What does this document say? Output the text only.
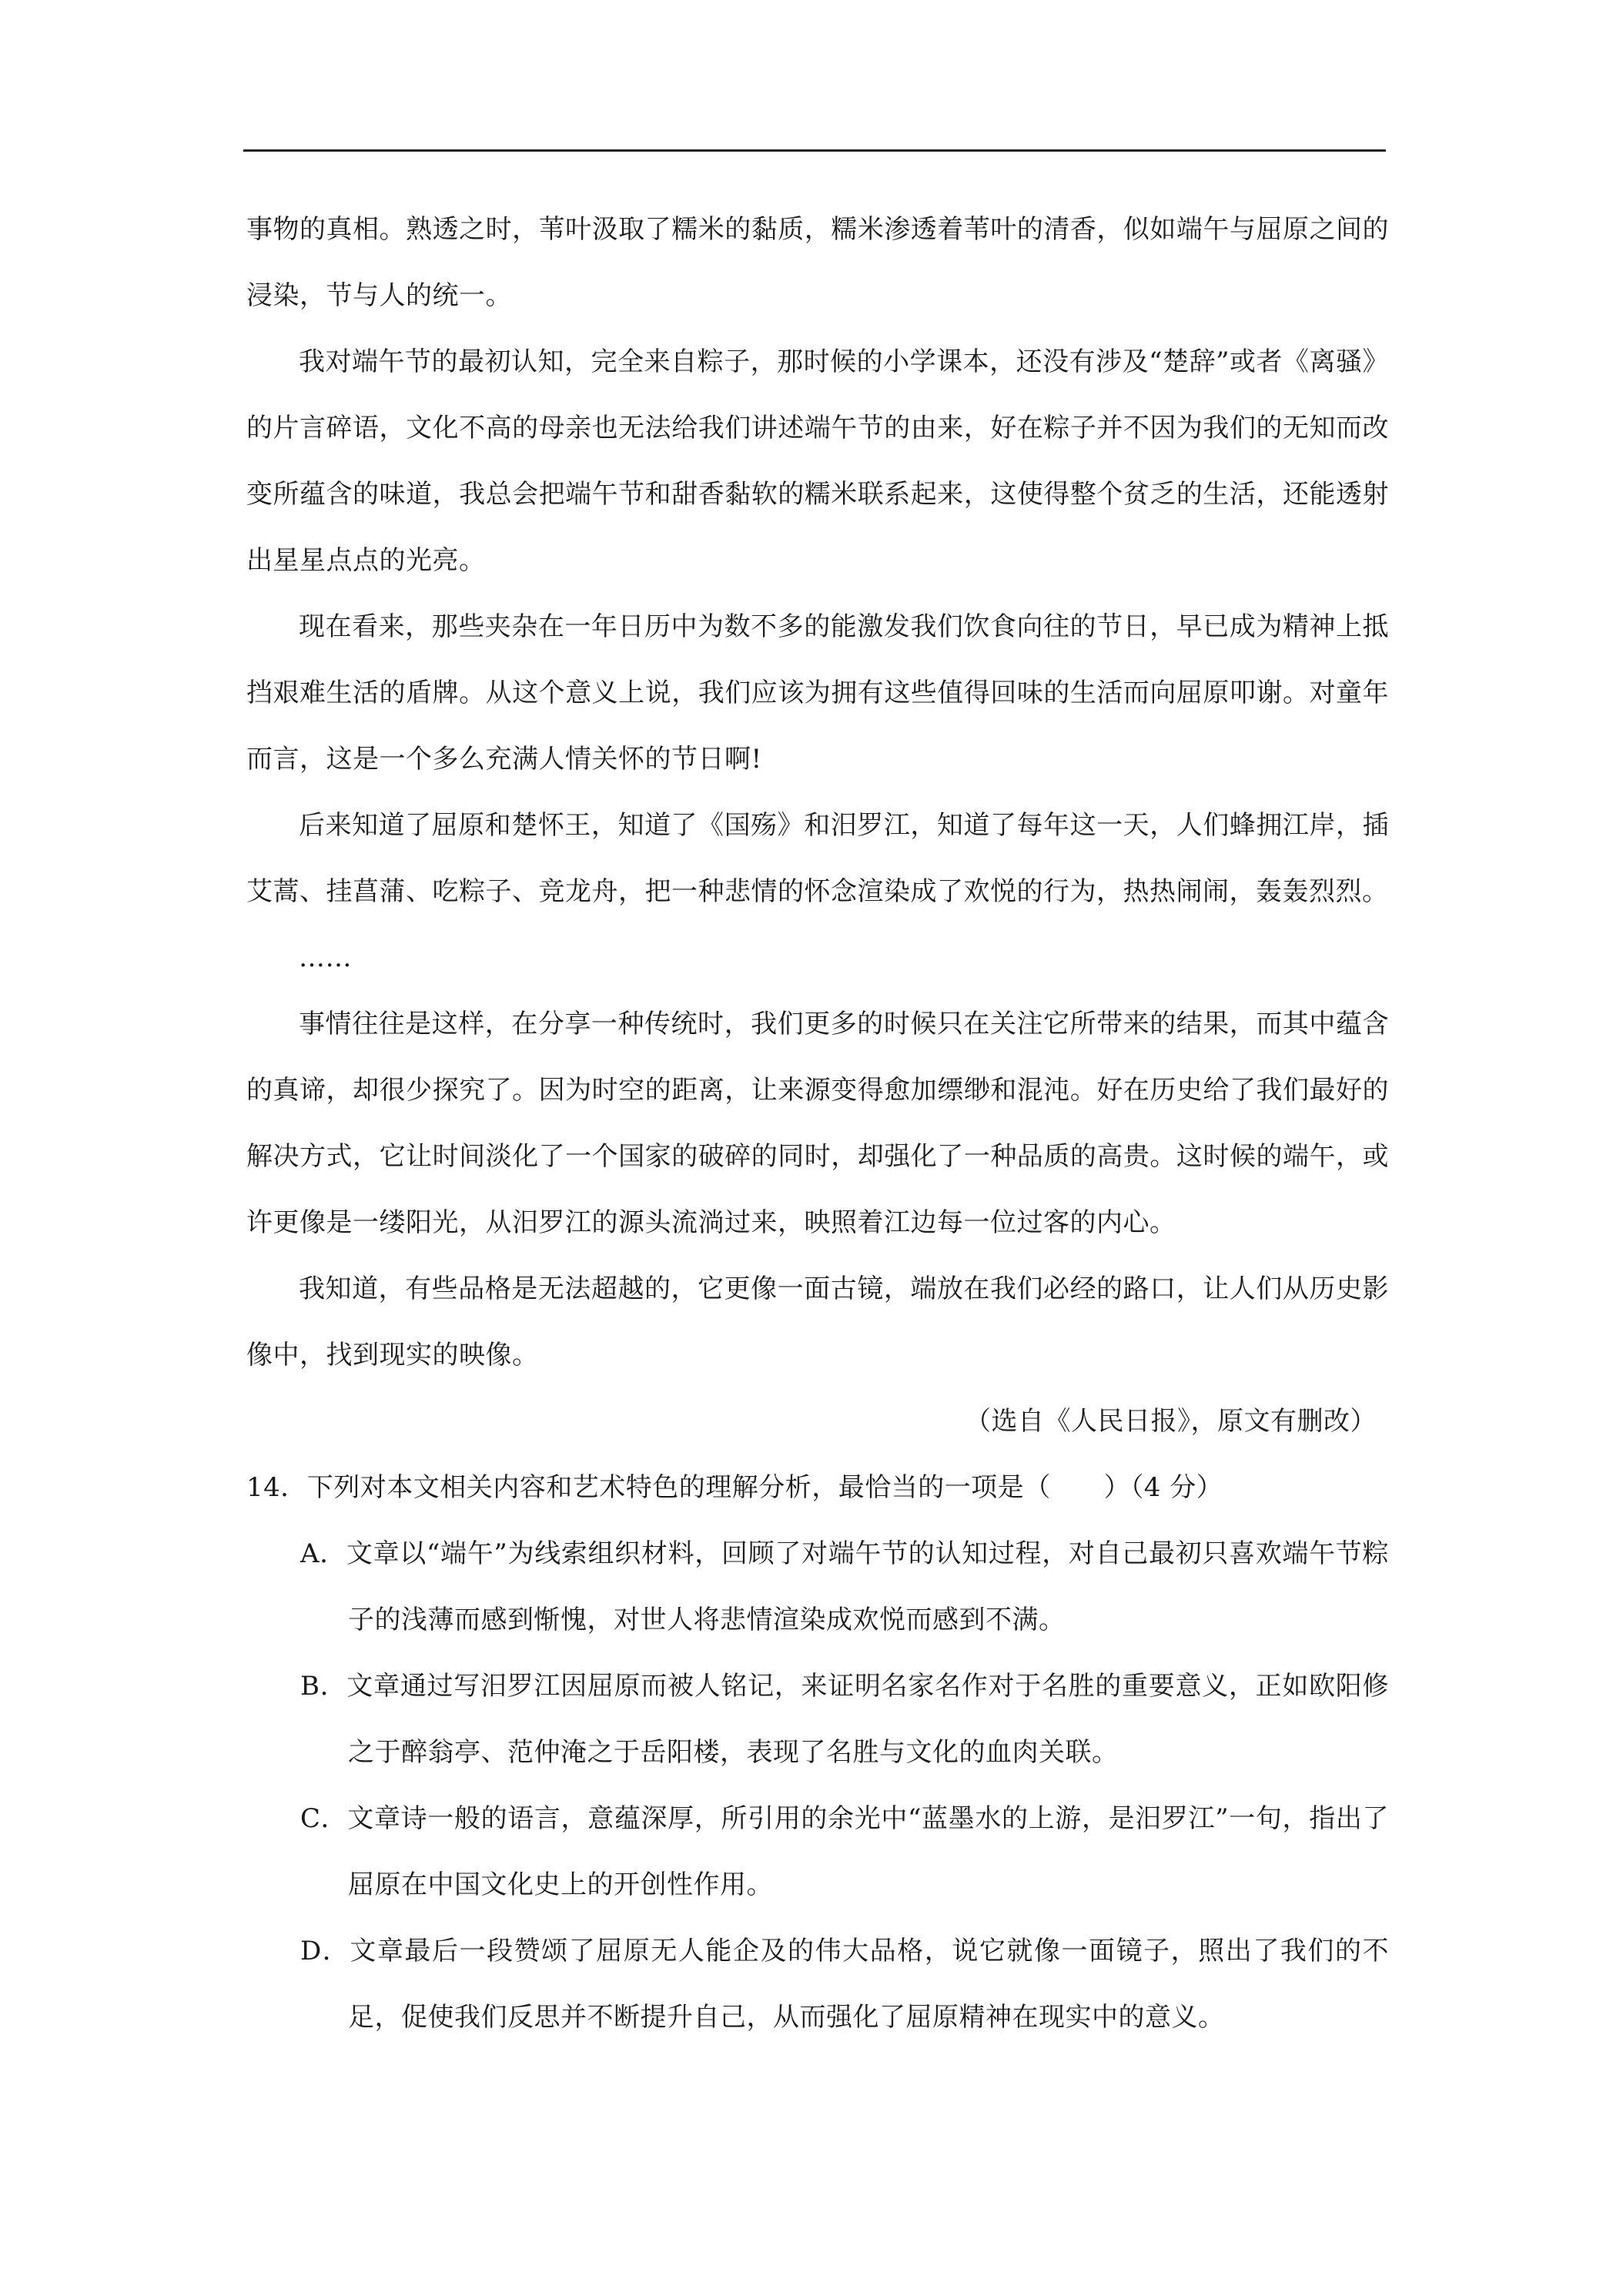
事物的真相。熟透之时，苇叶汲取了糯米的黏质，糯米渗透着苇叶的清香，似如端午与屈原之间的浸染，节与人的统一。

我对端午节的最初认知，完全来自粽子，那时候的小学课本，还没有涉及“楚辞”或者《离骚》的片言碎语，文化不高的母亲也无法给我们讲述端午节的由来，好在粽子并不因为我们的无知而改变所蕴含的味道，我总会把端午节和甜香黏软的糯米联系起来，这使得整个贫乏的生活，还能透射出星星点点的光亮。

现在看来，那些夹杂在一年日历中为数不多的能激发我们饮食向往的节日，早已成为精神上抵挡艰难生活的盾牌。从这个意义上说，我们应该为拥有这些值得回味的生活而向屈原叩谢。对童年而言，这是一个多么充满人情关怀的节日啊!

后来知道了屈原和楚怀王，知道了《国殇》和汨罗江，知道了每年这一天，人们蜂拥江岸，插艾蒿、挂菖蒲、吃粽子、竞龙舟，把一种悲情的怀念渲染成了欢悦的行为，热热闹闹，轰轰烈烈。

……

事情往往是这样，在分享一种传统时，我们更多的时候只在关注它所带来的结果，而其中蕴含的真谛，却很少探究了。因为时空的距离，让来源变得愈加缥缈和混沌。好在历史给了我们最好的解决方式，它让时间淡化了一个国家的破碎的同时，却强化了一种品质的高贵。这时候的端午，或许更像是一缕阳光，从汨罗江的源头流淌过来，映照着江边每一位过客的内心。

我知道，有些品格是无法超越的，它更像一面古镜，端放在我们必经的路口，让人们从历史影像中，找到现实的映像。

（选自《人民日报》，原文有删改）

14．下列对本文相关内容和艺术特色的理解分析，最恰当的一项是（　　）（4 分）

A．文章以“端午”为线索组织材料，回顾了对端午节的认知过程，对自己最初只喜欢端午节粽子的浅薄而感到惭愧，对世人将悲情渲染成欢悦而感到不满。

B．文章通过写汨罗江因屈原而被人铭记，来证明名家名作对于名胜的重要意义，正如欧阳修之于醉翁亭、范仲淹之于岳阳楼，表现了名胜与文化的血肉关联。

C．文章诗一般的语言，意蕴深厚，所引用的余光中“蓝墨水的上游，是汨罗江”一句，指出了屈原在中国文化史上的开创性作用。

D．文章最后一段赞颂了屈原无人能企及的伟大品格，说它就像一面镜子，照出了我们的不足，促使我们反思并不断提升自己，从而强化了屈原精神在现实中的意义。
